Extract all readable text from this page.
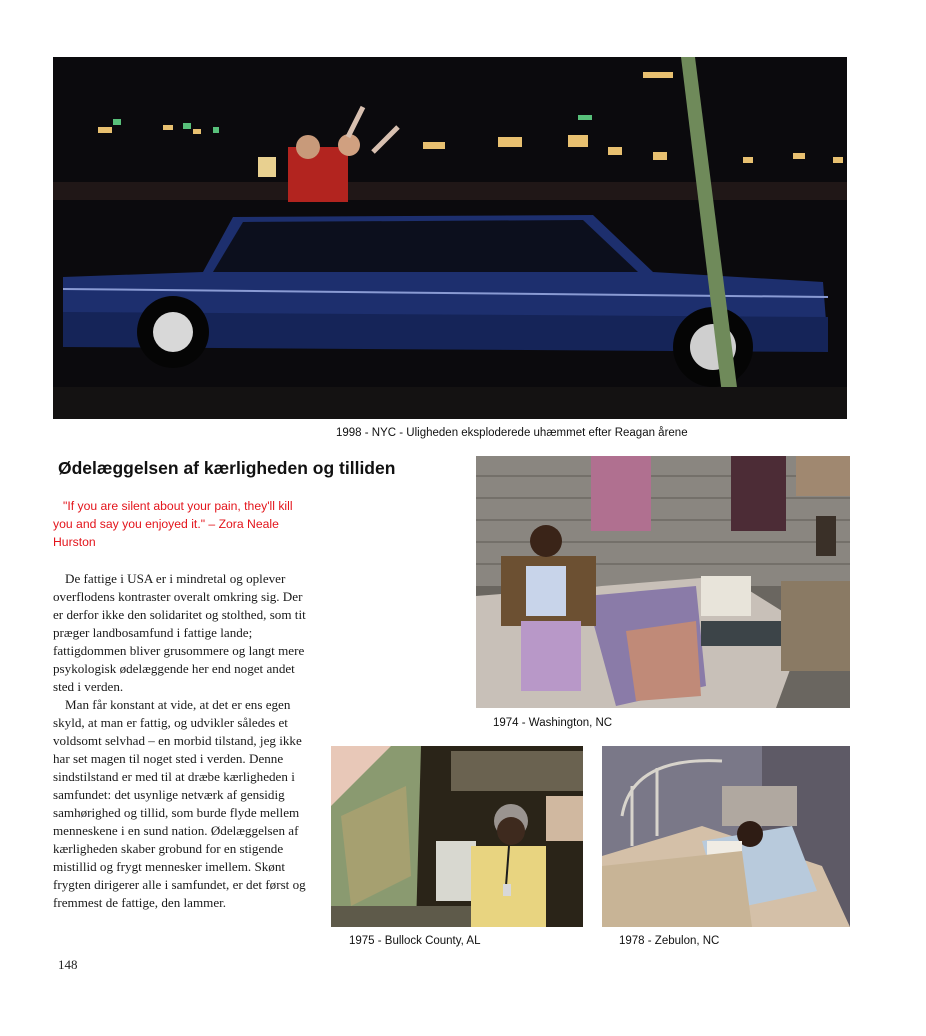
1998 - NYC - Uligheden eksploderede uhæmmet efter Reagan årene
Ødelæggelsen af kærligheden og tilliden
"If you are silent about your pain, they'll kill you and say you enjoyed it." – Zora Neale Hurston

De fattige i USA er i mindretal og oplever overflodens kontraster overalt omkring sig. Der er derfor ikke den solidaritet og stolthed, som tit præger landbosamfund i fattige lande; fattigdommen bliver grusommere og langt mere psykologisk ødelæggende her end noget andet sted i verden.

Man får konstant at vide, at det er ens egen skyld, at man er fattig, og udvikler således et voldsomt selvhad – en morbid tilstand, jeg ikke har set magen til noget sted i verden. Denne sindstilstand er med til at dræbe kærligheden i samfundet: det usynlige netværk af gensidig samhørighed og tillid, som burde flyde mellem menneskene i en sund nation. Ødelæggelsen af kærligheden skaber grobund for en stigende mistillid og frygt mennesker imellem. Skønt frygten dirigerer alle i samfundet, er det først og fremmest de fattige, den lammer.

1974 - Washington, NC
1975 - Bullock County, AL	1978 - Zebulon, NC
148
